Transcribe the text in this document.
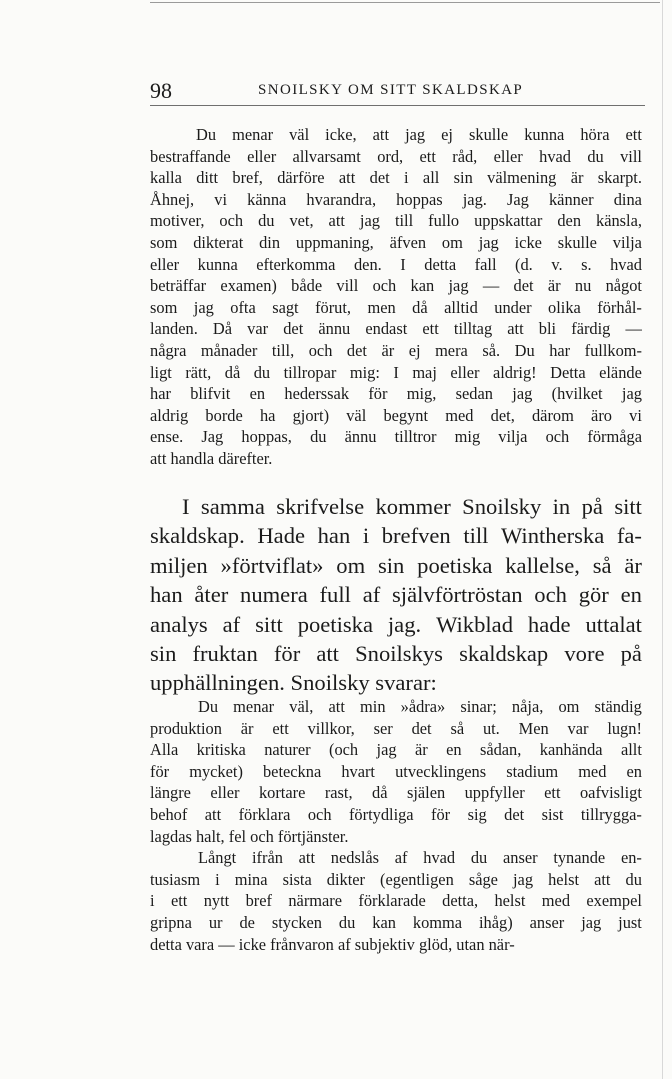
98	SNOILSKY OM SITT SKALDSKAP
Du menar väl icke, att jag ej skulle kunna höra ett
bestraffande eller allvarsamt ord, ett råd, eller hvad du vill
kalla ditt bref, därföre att det i all sin välmening är skarpt.
Åhnej, vi känna hvarandra, hoppas jag. Jag känner dina
motiver, och du vet, att jag till fullo uppskattar den känsla,
som dikterat din uppmaning, äfven om jag icke skulle vilja
eller kunna efterkomma den. I detta fall (d. v. s. hvad
beträffar examen) både vill och kan jag — det är nu något
som jag ofta sagt förut, men då alltid under olika förhål-
landen. Då var det ännu endast ett tilltag att bli färdig —
några månader till, och det är ej mera så. Du har fullkom-
ligt rätt, då du tillropar mig: I maj eller aldrig! Detta elände
har blifvit en hederssak för mig, sedan jag (hvilket jag
aldrig borde ha gjort) väl begynt med det, därom äro vi
ense. Jag hoppas, du ännu tilltror mig vilja och förmåga
att handla därefter.
I samma skrifvelse kommer Snoilsky in på sitt
skaldskap. Hade han i brefven till Wintherska fa-
miljen »förtviflat» om sin poetiska kallelse, så är
han åter numera full af självförtröstan och gör en
analys af sitt poetiska jag. Wikblad hade uttalat
sin fruktan för att Snoilskys skaldskap vore på
upphällningen. Snoilsky svarar:
Du menar väl, att min »ådra» sinar; nåja, om ständig
produktion är ett villkor, ser det så ut. Men var lugn!
Alla kritiska naturer (och jag är en sådan, kanhända allt
för mycket) beteckna hvart utvecklingens stadium med en
längre eller kortare rast, då själen uppfyller ett oafvisligt
behof att förklara och förtydliga för sig det sist tillrygga-
lagdas halt, fel och förtjänster.
Långt ifrån att nedslås af hvad du anser tynande en-
tusiasm i mina sista dikter (egentligen såge jag helst att du
i ett nytt bref närmare förklarade detta, helst med exempel
gripna ur de stycken du kan komma ihåg) anser jag just
detta vara — icke frånvaron af subjektiv glöd, utan när-
